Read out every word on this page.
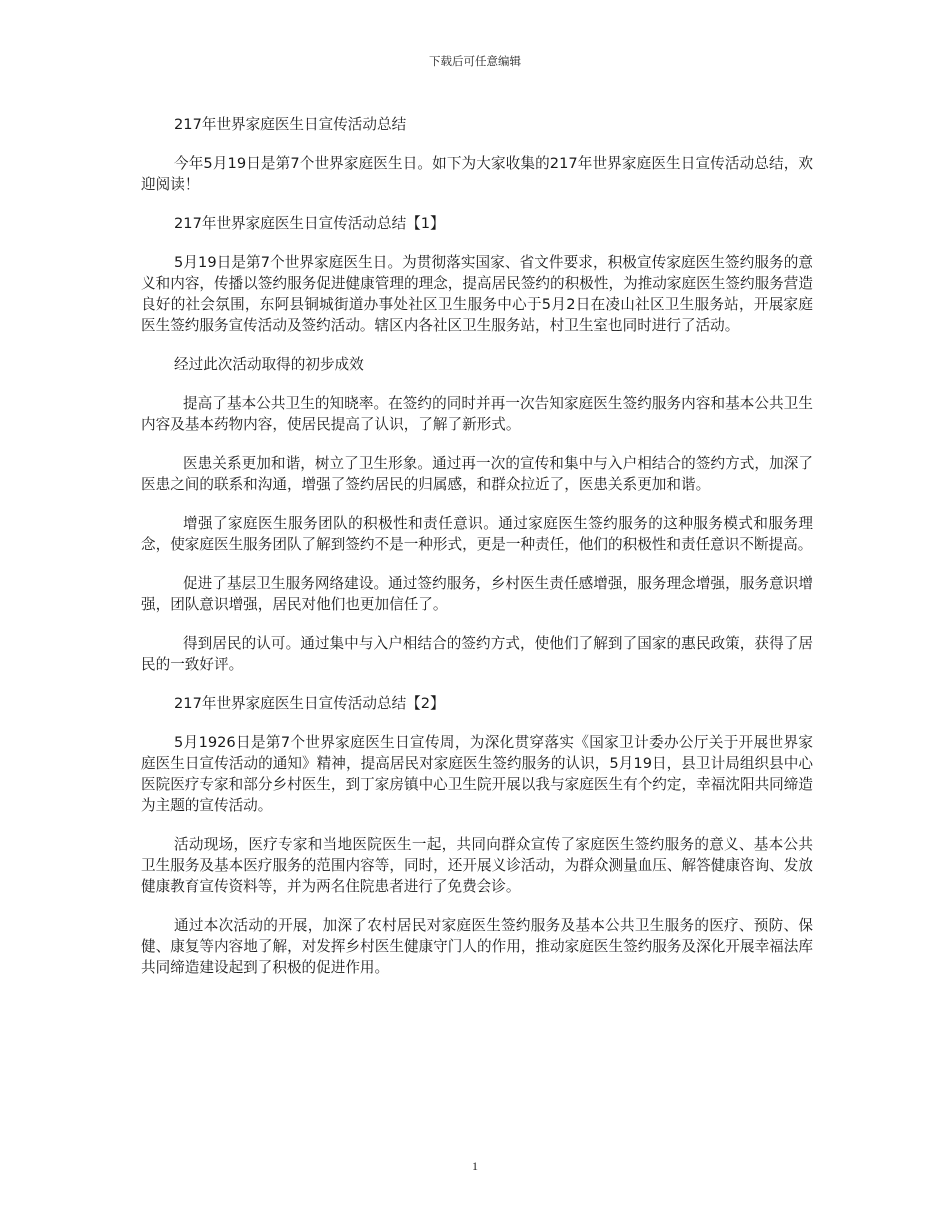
下载后可任意编辑

217年世界家庭医生日宣传活动总结

今年5月19日是第7个世界家庭医生日。如下为大家收集的217年世界家庭医生日宣传活动总结，欢迎阅读！

217年世界家庭医生日宣传活动总结【1】

5月19日是第7个世界家庭医生日。为贯彻落实国家、省文件要求，积极宣传家庭医生签约服务的意义和内容，传播以签约服务促进健康管理的理念，提高居民签约的积极性，为推动家庭医生签约服务营造良好的社会氛围，东阿县铜城街道办事处社区卫生服务中心于5月2日在凌山社区卫生服务站，开展家庭医生签约服务宣传活动及签约活动。辖区内各社区卫生服务站，村卫生室也同时进行了活动。

经过此次活动取得的初步成效

提高了基本公共卫生的知晓率。在签约的同时并再一次告知家庭医生签约服务内容和基本公共卫生内容及基本药物内容，使居民提高了认识，了解了新形式。

医患关系更加和谐，树立了卫生形象。通过再一次的宣传和集中与入户相结合的签约方式，加深了医患之间的联系和沟通，增强了签约居民的归属感，和群众拉近了，医患关系更加和谐。

增强了家庭医生服务团队的积极性和责任意识。通过家庭医生签约服务的这种服务模式和服务理念，使家庭医生服务团队了解到签约不是一种形式，更是一种责任，他们的积极性和责任意识不断提高。

促进了基层卫生服务网络建设。通过签约服务，乡村医生责任感增强，服务理念增强，服务意识增强，团队意识增强，居民对他们也更加信任了。

得到居民的认可。通过集中与入户相结合的签约方式，使他们了解到了国家的惠民政策，获得了居民的一致好评。

217年世界家庭医生日宣传活动总结【2】

5月1926日是第7个世界家庭医生日宣传周，为深化贯穿落实《国家卫计委办公厅关于开展世界家庭医生日宣传活动的通知》精神，提高居民对家庭医生签约服务的认识，5月19日，县卫计局组织县中心医院医疗专家和部分乡村医生，到丁家房镇中心卫生院开展以我与家庭医生有个约定，幸福沈阳共同缔造为主题的宣传活动。

活动现场，医疗专家和当地医院医生一起，共同向群众宣传了家庭医生签约服务的意义、基本公共卫生服务及基本医疗服务的范围内容等，同时，还开展义诊活动，为群众测量血压、解答健康咨询、发放健康教育宣传资料等，并为两名住院患者进行了免费会诊。

通过本次活动的开展，加深了农村居民对家庭医生签约服务及基本公共卫生服务的医疗、预防、保健、康复等内容地了解，对发挥乡村医生健康守门人的作用，推动家庭医生签约服务及深化开展幸福法库共同缔造建设起到了积极的促进作用。

1
